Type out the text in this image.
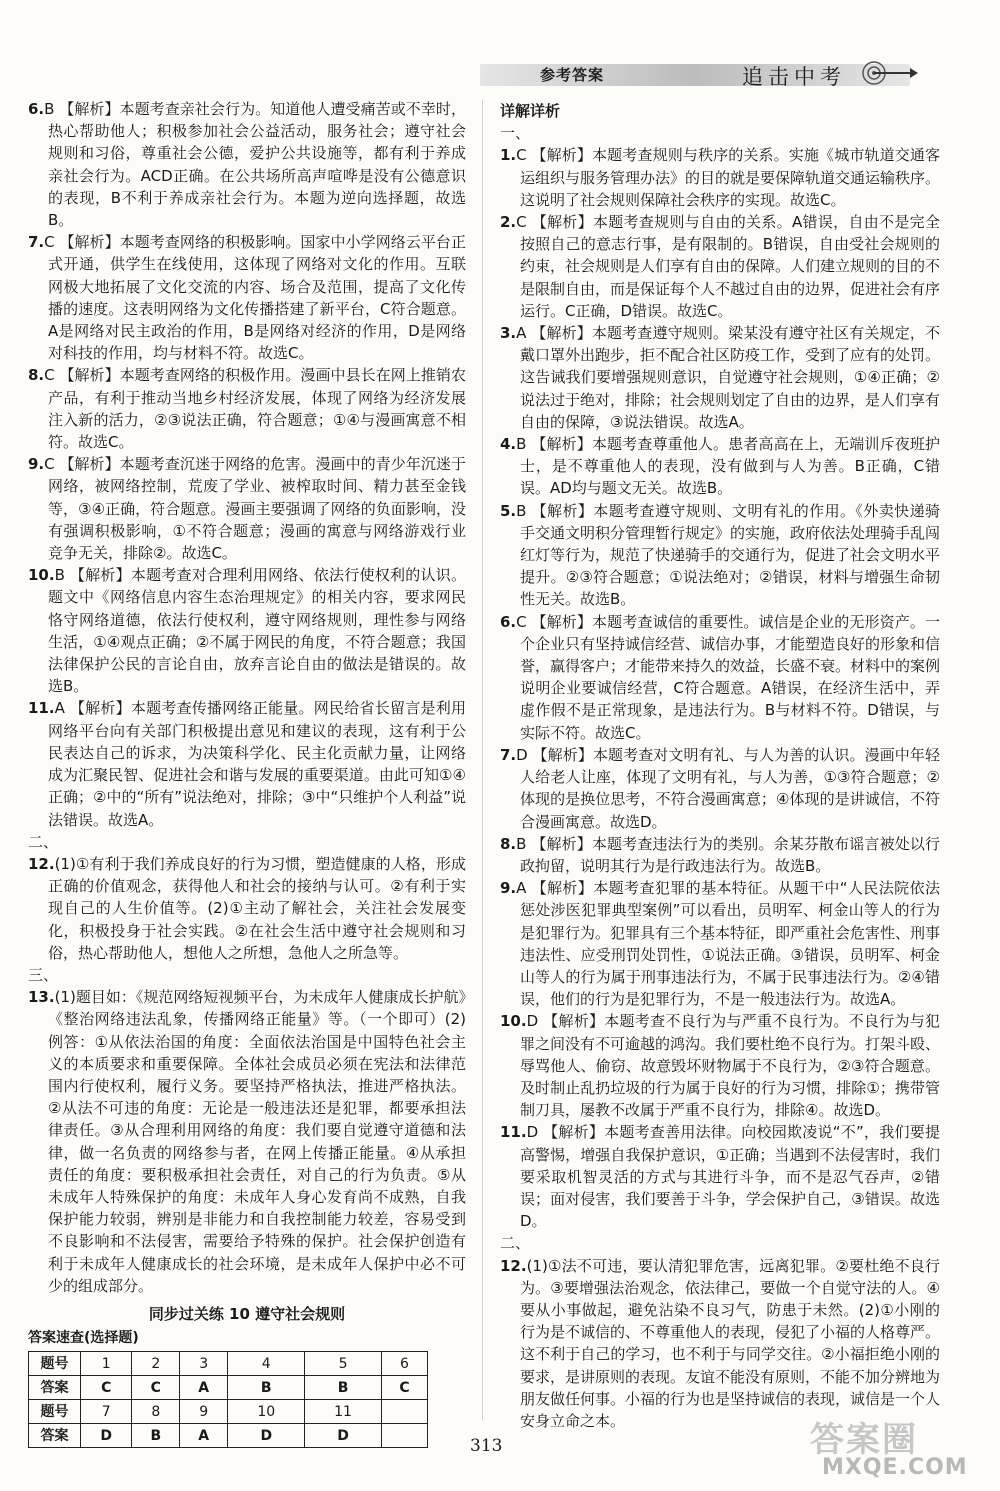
参考答案	追击中考

6.B 【解析】本题考查亲社会行为。知道他人遭受痛苦或不幸时，热心帮助他人；积极参加社会公益活动，服务社会；遵守社会规则和习俗，尊重社会公德，爱护公共设施等，都有利于养成亲社会行为。ACD正确。在公共场所高声喧哗是没有公德意识的表现，B不利于养成亲社会行为。本题为逆向选择题，故选B。

7.C 【解析】本题考查网络的积极影响。国家中小学网络云平台正式开通，供学生在线使用，这体现了网络对文化的作用。互联网极大地拓展了文化交流的内容、场合及范围，提高了文化传播的速度。这表明网络为文化传播搭建了新平台，C符合题意。A是网络对民主政治的作用，B是网络对经济的作用，D是网络对科技的作用，均与材料不符。故选C。

8.C 【解析】本题考查网络的积极作用。漫画中县长在网上推销农产品，有利于推动当地乡村经济发展，体现了网络为经济发展注入新的活力，②③说法正确，符合题意；①④与漫画寓意不相符。故选C。

9.C 【解析】本题考查沉迷于网络的危害。漫画中的青少年沉迷于网络，被网络控制，荒废了学业、被榨取时间、精力甚至金钱等，③④正确，符合题意。漫画主要强调了网络的负面影响，没有强调积极影响，①不符合题意；漫画的寓意与网络游戏行业竞争无关，排除②。故选C。

10.B 【解析】本题考查对合理利用网络、依法行使权利的认识。题文中《网络信息内容生态治理规定》的相关内容，要求网民恪守网络道德，依法行使权利，遵守网络规则，理性参与网络生活，①④观点正确；②不属于网民的角度，不符合题意；我国法律保护公民的言论自由，放弃言论自由的做法是错误的。故选B。

11.A 【解析】本题考查传播网络正能量。网民给省长留言是利用网络平台向有关部门积极提出意见和建议的表现，这有利于公民表达自己的诉求，为决策科学化、民主化贡献力量，让网络成为汇聚民智、促进社会和谐与发展的重要渠道。由此可知①④正确；②中的“所有”说法绝对，排除；③中“只维护个人利益”说法错误。故选A。

二、

12.(1)①有利于我们养成良好的行为习惯，塑造健康的人格，形成正确的价值观念，获得他人和社会的接纳与认可。②有利于实现自己的人生价值等。(2)①主动了解社会，关注社会发展变化，积极投身于社会实践。②在社会生活中遵守社会规则和习俗，热心帮助他人，想他人之所想，急他人之所急等。

三、

13.(1)题目如：《规范网络短视频平台，为未成年人健康成长护航》《整治网络违法乱象，传播网络正能量》等。（一个即可）(2)例答：①从依法治国的角度：全面依法治国是中国特色社会主义的本质要求和重要保障。全体社会成员必须在宪法和法律范围内行使权利，履行义务。要坚持严格执法，推进严格执法。②从法不可违的角度：无论是一般违法还是犯罪，都要承担法律责任。③从合理利用网络的角度：我们要自觉遵守道德和法律，做一名负责的网络参与者，在网上传播正能量。④从承担责任的角度：要积极承担社会责任，对自己的行为负责。⑤从未成年人特殊保护的角度：未成年人身心发育尚不成熟，自我保护能力较弱，辨别是非能力和自我控制能力较差，容易受到不良影响和不法侵害，需要给予特殊的保护。社会保护创造有利于未成年人健康成长的社会环境，是未成年人保护中必不可少的组成部分。

同步过关练 10 遵守社会规则

答案速查(选择题)

题号	1	2	3	4	5	6
答案	C	C	A	B	B	C
题号	7	8	9	10	11	
答案	D	B	A	D	D	

详解详析

一、

1.C 【解析】本题考查规则与秩序的关系。实施《城市轨道交通客运组织与服务管理办法》的目的就是要保障轨道交通运输秩序。这说明了社会规则保障社会秩序的实现。故选C。

2.C 【解析】本题考查规则与自由的关系。A错误，自由不是完全按照自己的意志行事，是有限制的。B错误，自由受社会规则的约束，社会规则是人们享有自由的保障。人们建立规则的目的不是限制自由，而是保证每个人不越过自由的边界，促进社会有序运行。C正确，D错误。故选C。

3.A 【解析】本题考查遵守规则。梁某没有遵守社区有关规定，不戴口罩外出跑步，拒不配合社区防疫工作，受到了应有的处罚。这告诫我们要增强规则意识，自觉遵守社会规则，①④正确；②说法过于绝对，排除；社会规则划定了自由的边界，是人们享有自由的保障，③说法错误。故选A。

4.B 【解析】本题考查尊重他人。患者高高在上，无端训斥夜班护士，是不尊重他人的表现，没有做到与人为善。B正确，C错误。AD均与题文无关。故选B。

5.B 【解析】本题考查遵守规则、文明有礼的作用。《外卖快递骑手交通文明积分管理暂行规定》的实施，政府依法处理骑手乱闯红灯等行为，规范了快递骑手的交通行为，促进了社会文明水平提升。②③符合题意；①说法绝对；②错误，材料与增强生命韧性无关。故选B。

6.C 【解析】本题考查诚信的重要性。诚信是企业的无形资产。一个企业只有坚持诚信经营、诚信办事，才能塑造良好的形象和信誉，赢得客户；才能带来持久的效益，长盛不衰。材料中的案例说明企业要诚信经营，C符合题意。A错误，在经济生活中，弄虚作假不是正常现象，是违法行为。B与材料不符。D错误，与实际不符。故选C。

7.D 【解析】本题考查对文明有礼、与人为善的认识。漫画中年轻人给老人让座，体现了文明有礼，与人为善，①③符合题意；②体现的是换位思考，不符合漫画寓意；④体现的是讲诚信，不符合漫画寓意。故选D。

8.B 【解析】本题考查违法行为的类别。余某芬散布谣言被处以行政拘留，说明其行为是行政违法行为。故选B。

9.A 【解析】本题考查犯罪的基本特征。从题干中“人民法院依法惩处涉医犯罪典型案例”可以看出，员明军、柯金山等人的行为是犯罪行为。犯罪具有三个基本特征，即严重社会危害性、刑事违法性、应受刑罚处罚性，①说法正确。③错误，员明军、柯金山等人的行为属于刑事违法行为，不属于民事违法行为。②④错误，他们的行为是犯罪行为，不是一般违法行为。故选A。

10.D 【解析】本题考查不良行为与严重不良行为。不良行为与犯罪之间没有不可逾越的鸿沟。我们要杜绝不良行为。打架斗殴、辱骂他人、偷窃、故意毁坏财物属于不良行为，②③符合题意。及时制止乱扔垃圾的行为属于良好的行为习惯，排除①；携带管制刀具，屡教不改属于严重不良行为，排除④。故选D。

11.D 【解析】本题考查善用法律。向校园欺凌说“不”，我们要提高警惕，增强自我保护意识，①正确；当遇到不法侵害时，我们要采取机智灵活的方式与其进行斗争，而不是忍气吞声，②错误；面对侵害，我们要善于斗争，学会保护自己，③错误。故选D。

二、

12.(1)①法不可违，要认清犯罪危害，远离犯罪。②要杜绝不良行为。③要增强法治观念，依法律己，要做一个自觉守法的人。④要从小事做起，避免沾染不良习气，防患于未然。(2)①小刚的行为是不诚信的、不尊重他人的表现，侵犯了小福的人格尊严。这不利于自己的学习，也不利于与同学交往。②小福拒绝小刚的要求，是讲原则的表现。友谊不能没有原则，不能不加分辨地为朋友做任何事。小福的行为也是坚持诚信的表现，诚信是一个人安身立命之本。

313	答案圈
MXQE.COM
